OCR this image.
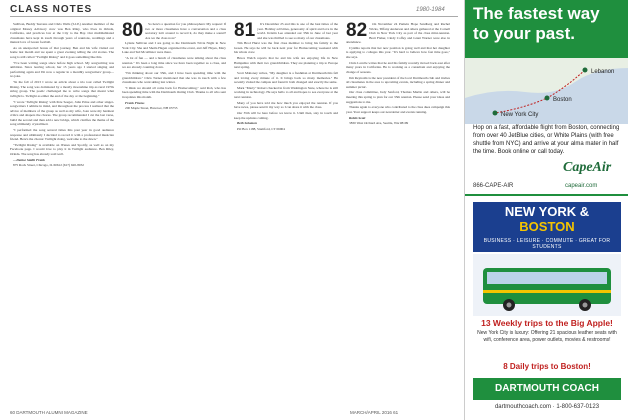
CLASS NOTES	1980-1984

Sullivan, Buddy Teevens and Chris Wells (S.I.P.) Another member of the original Money Advisory crew was Ben Riley, who lives in Orinda, California, and practices law at the City to the Bay. Our multihabitated classmates have kept in touch through years of reunions, weddings and a mutual love of Green football.

As an unexpected bonus of that journey, Ben and his wife visited our home last month and we spent a great evening telling the old stories. The song is still called "Twilight Rising" and it goes something like this.

"I've been writing songs since before high school. My songwriting was ambition. Since leaving school, her 15 years ago I started singing and performing again and I'm now a regular in a monthly songwriters' group—no joke.

"In the fall of 2013 I wrote an article about a trio tour called Twilight Rising. The song was dominated by a mostly moonshine trip as rural 1970s string group. The poetic challenged me to write songs that meant what twilight is. Twilight as either the end of the day or the beginning."

"I wrote 'Twilight Rising' with Pete Seeger, John Prine and other singer-songwriters I admire in mind, and throughout the process I realized that the advice of members of the group as well as my wife, Joan were my harshest critics and shapers the chorus. The group recommended I cut the last verse, build the second and then add a new bridge, which clarifies the theme of the song ultimately crystallized.

"I performed the song several times this past year in good audience response and ultimately I decided to record it with a professional musician friend. Here's the chorus: Twilight rising, welcome to the dawn."

"Twilight Rising" is available on iTunes and Spotify, as well as on my Facebook page. I would love to play it in Twilight audience. Ben Riley, Orinda. The song has already sold well.

—Denise Smith Frank

875 Rock Street, Chicago, IL 60612 (617) 620-8032

80	So here's a question for you philosophers: My request: If two or more classmates have a conversation and a class secretary isn't around to record it, do they make a sound? Are we the class now?

Lynnie Sullivan and I are going to the Dartmouth Trivia Night in New York City. She and Sheila Hagen organized the event, and Jeff Hayes, Mary Lake and Ted McAllister were there.

"A lot of fun — and a bunch of classmates were talking about the class reunion." It's been a long time since we have been together as a class, and we are already counting down.

"I'm thinking about our 35th, and I have been spending time with the grandchildren." Chris Turner mentioned that she was in touch with a few classmates who went skiing last winter.

"I think we should all come back for Homecoming," said Rob, who has been spending time with the Dartmouth Outing Club. Thanks to all who sent in updates this month.

Frank Fincus

200 Maple Street, Hanover, NH 03755

81	It's December 25 and this is one of the best times of the year. Holiday activities, generosity of spirit and love in the world. Kristin Lee attended our 35th in June of last year and she was thrilled to see so many of our classmates.

Tim Brod Hurst was the first class member to bring his family to the Green. He says he will be back next year for Homecoming weekend with his whole crew.

Bruce Welch reports that he and his wife are enjoying life in New Hampshire with their two grandchildren. They are planning a trip to Europe next spring.

Scott Mahoney writes, "My daughter is a freshman at Dartmouth this fall and loving every minute of it. It brings back so many memories." He recently visited the campus and found it both changed and exactly the same.

Mark "Marty" Robert checked in from Washington State, where he is still working in technology. He says hello to all and hopes to see everyone at the next reunion.

Many of you have told me how much you enjoyed the reunion. If you have news, please send it my way so I can share it with the class.

Our 35th will be here before we know it. Until then, stay in touch and keep the updates coming.

Beth Solomon

PO Box 1188, Stamford, CT 06904

82	On November 24 Pamela Hope Sandberg and Rachel Wicks, Tiffany Anderson and others gathered at the Cornell Club in New York City as part of the class mini-reunion. Brett Fisher, Cindy Coffey and Grant Warner were also in attendance.

Cynthia reports that her new position is going well and that her daughter is applying to colleges this year. "It's hard to believe how fast time goes," she says.

Chris Lavelle writes that he and his family recently moved back east after many years in California. He is working as a consultant and enjoying the change of seasons.

Jim Reynolds is the new president of the local Dartmouth club and invites all classmates in the area to upcoming events, including a spring dinner and summer picnic.

Our class committee, Judy Sanford, Thomas Martin and others, will be meeting this spring to plan for our 35th reunion. Please send your ideas and suggestions to me.

Thanks again to everyone who contributed to the class dues campaign this year. Your support keeps our newsletter and events running.

Robin Scott

3830 West Orchard Ave, Seattle, WA 98199

60 DARTMOUTH ALUMNI MAGAZINE	MARCH/APRIL 2016 61
The fastest way
to your past.
Lebanon
Boston
New York City
Hop on a fast, affordable flight from Boston, connecting from over 40 JetBlue cities, or White Plains (with free shuttle from NYC) and arrive at your alma mater in half the time. Book online or call today.
CapeAir
866-CAPE-AIR	capeair.com
NEW YORK &
BOSTON
BUSINESS · LEISURE · COMMUTE · GREAT FOR STUDENTS
13 Weekly trips to the Big Apple!
New York City is luxury: Offering 21 spacious leather seats with wifi, conference area, power outlets, movies & restrooms!
8 Daily trips to Boston!
DARTMOUTH COACH
dartmouthcoach.com · 1-800-637-0123
